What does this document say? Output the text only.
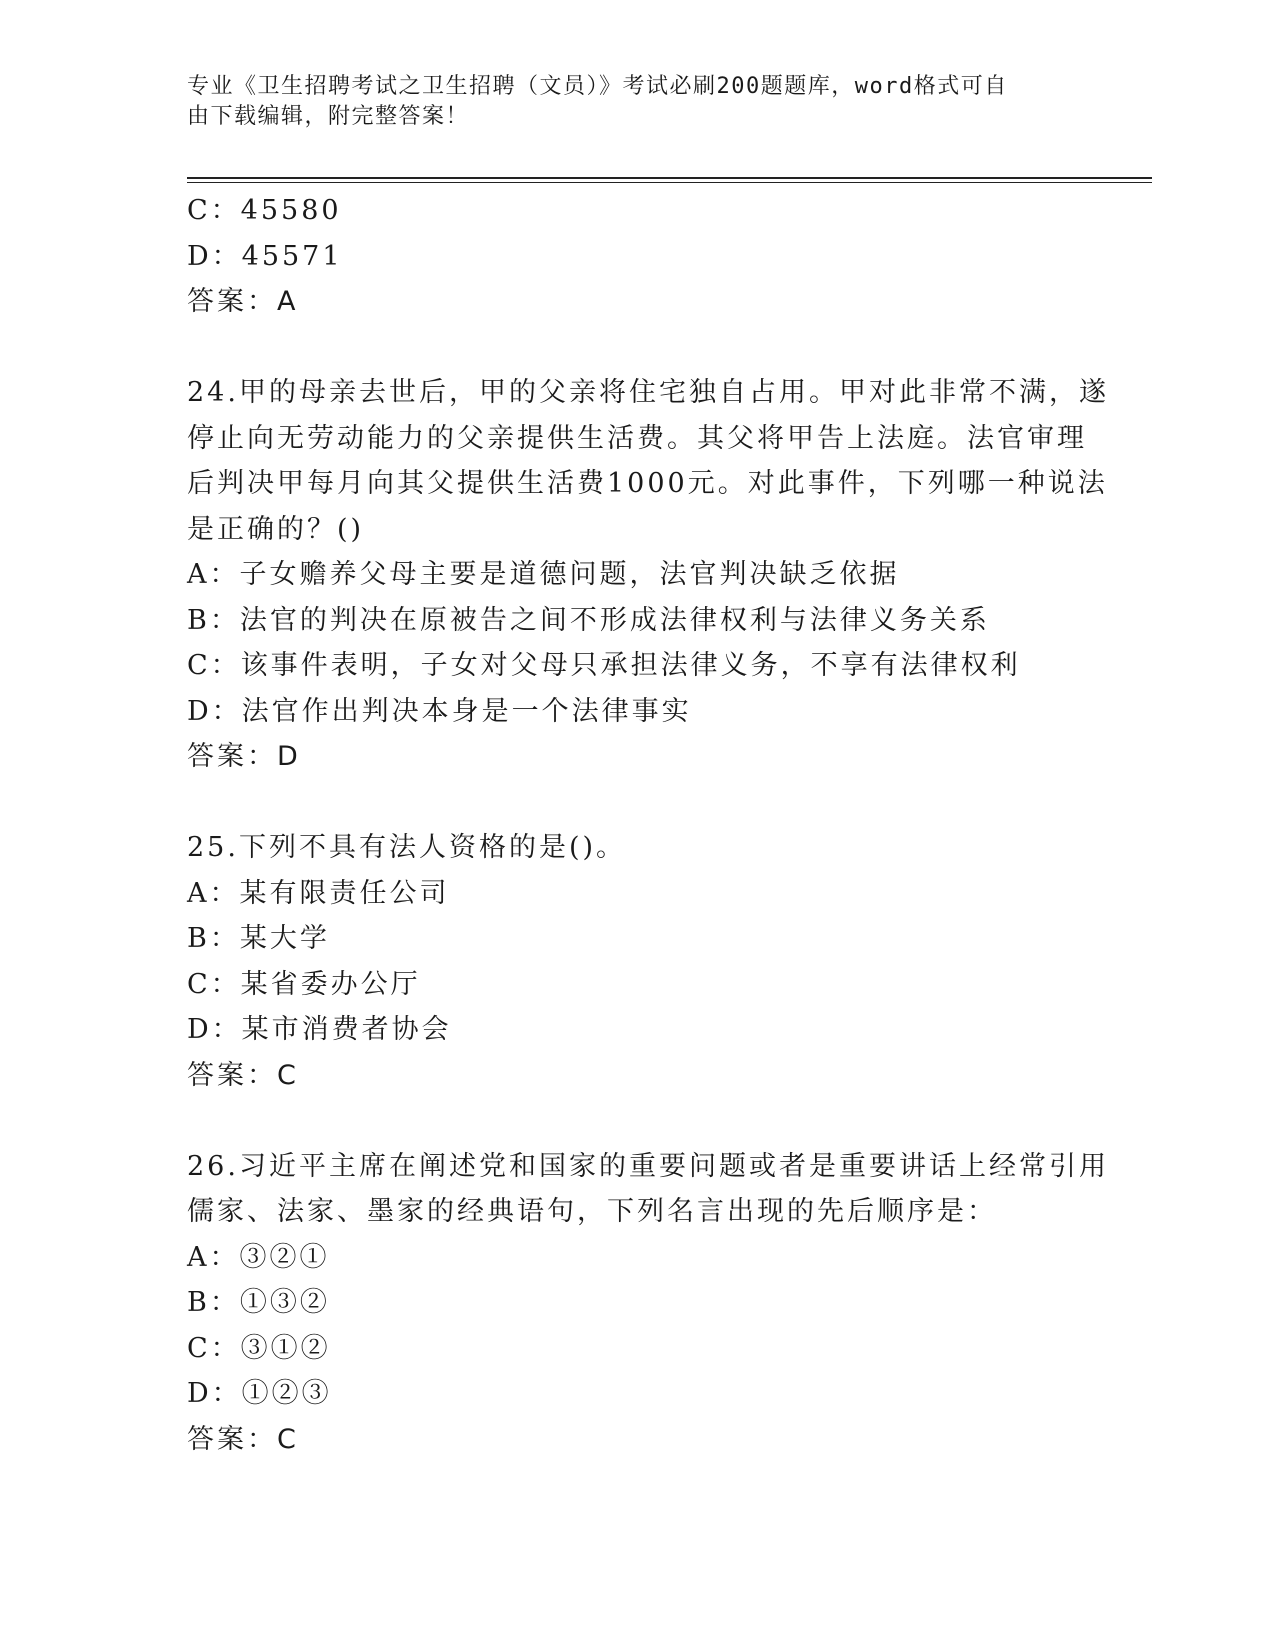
专业《卫生招聘考试之卫生招聘（文员）》考试必刷200题题库，word格式可自
由下载编辑，附完整答案！
C：45580
D：45571
答案：A
24.甲的母亲去世后，甲的父亲将住宅独自占用。甲对此非常不满，遂
停止向无劳动能力的父亲提供生活费。其父将甲告上法庭。法官审理
后判决甲每月向其父提供生活费1000元。对此事件，下列哪一种说法
是正确的？()
A：子女赡养父母主要是道德问题，法官判决缺乏依据
B：法官的判决在原被告之间不形成法律权利与法律义务关系
C：该事件表明，子女对父母只承担法律义务，不享有法律权利
D：法官作出判决本身是一个法律事实
答案：D
25.下列不具有法人资格的是()。
A：某有限责任公司
B：某大学
C：某省委办公厅
D：某市消费者协会
答案：C
26.习近平主席在阐述党和国家的重要问题或者是重要讲话上经常引用
儒家、法家、墨家的经典语句，下列名言出现的先后顺序是：
A：③②①
B：①③②
C：③①②
D：①②③
答案：C
